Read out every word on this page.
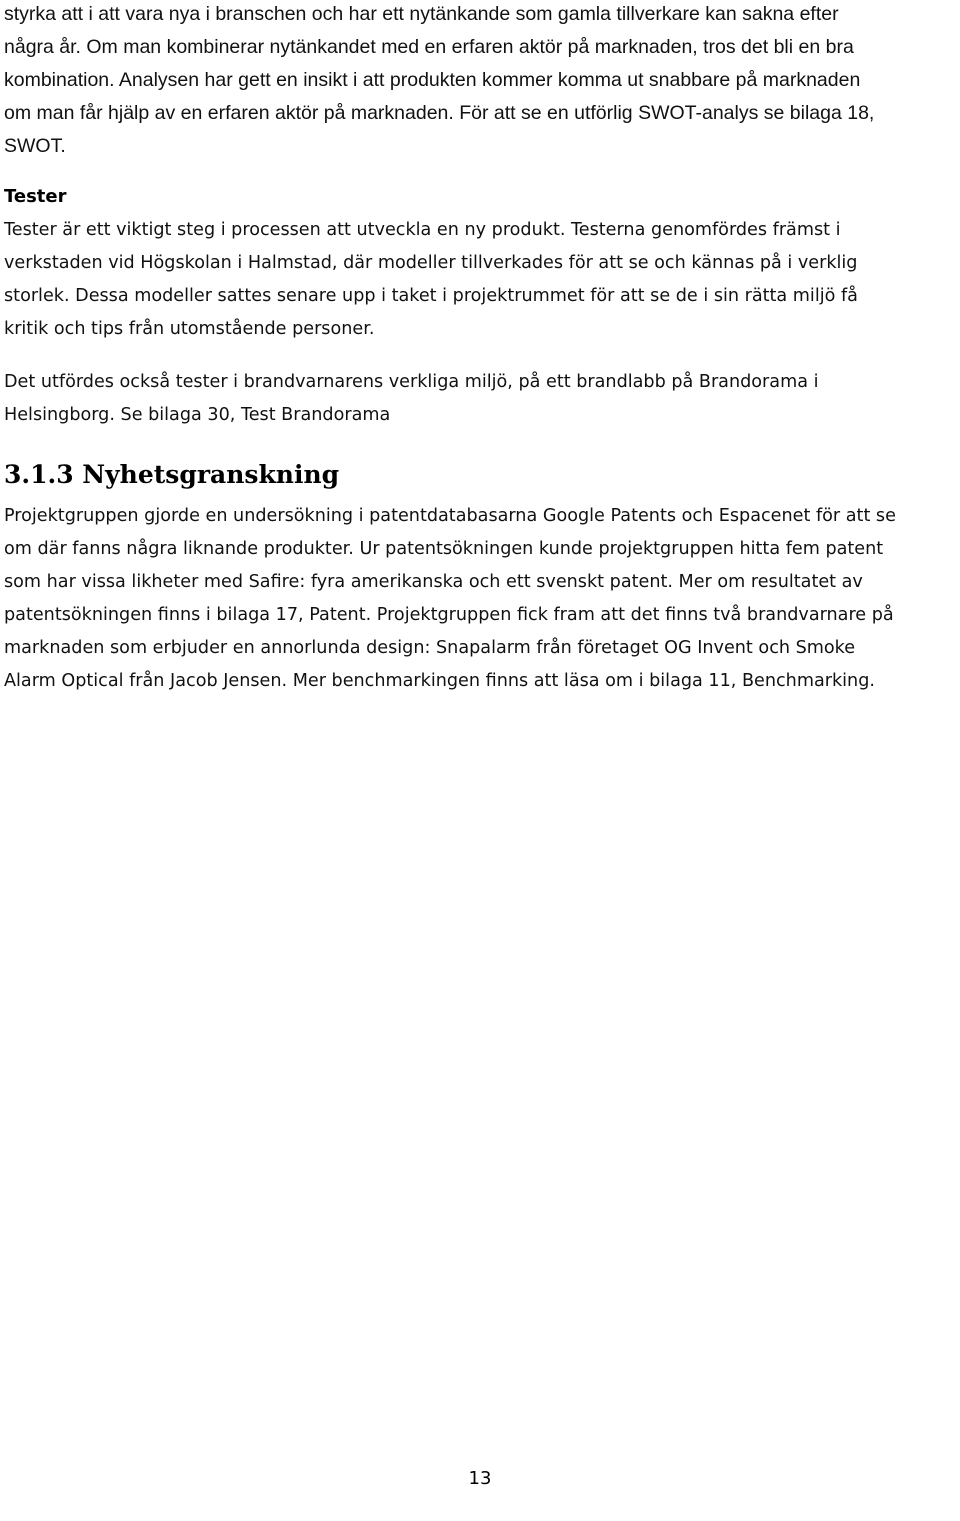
styrka att i att vara nya i branschen och har ett nytänkande som gamla tillverkare kan sakna efter
några år. Om man kombinerar nytänkandet med en erfaren aktör på marknaden, tros det bli en bra
kombination. Analysen har gett en insikt i att produkten kommer komma ut snabbare på marknaden
om man får hjälp av en erfaren aktör på marknaden. För att se en utförlig SWOT-analys se bilaga 18,
SWOT.
Tester
Tester är ett viktigt steg i processen att utveckla en ny produkt. Testerna genomfördes främst i
verkstaden vid Högskolan i Halmstad, där modeller tillverkades för att se och kännas på i verklig
storlek. Dessa modeller sattes senare upp i taket i projektrummet för att se de i sin rätta miljö få
kritik och tips från utomstående personer.
Det utfördes också tester i brandvarnarens verkliga miljö, på ett brandlabb på Brandorama i
Helsingborg. Se bilaga 30, Test Brandorama
3.1.3 Nyhetsgranskning
Projektgruppen gjorde en undersökning i patentdatabasarna Google Patents och Espacenet för att se
om där fanns några liknande produkter. Ur patentsökningen kunde projektgruppen hitta fem patent
som har vissa likheter med Safire: fyra amerikanska och ett svenskt patent. Mer om resultatet av
patentsökningen finns i bilaga 17, Patent. Projektgruppen fick fram att det finns två brandvarnare på
marknaden som erbjuder en annorlunda design: Snapalarm från företaget OG Invent och Smoke
Alarm Optical från Jacob Jensen. Mer benchmarkingen finns att läsa om i bilaga 11, Benchmarking.
13
